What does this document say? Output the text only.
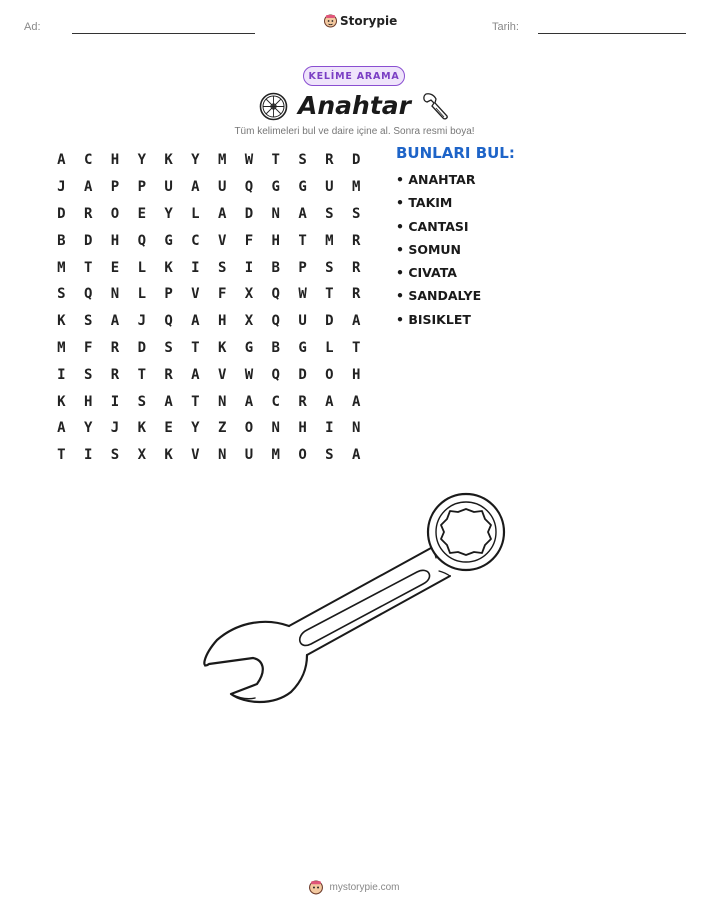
Ad:	Storypie	Tarih:
KELİME ARAMA
Anahtar
Tüm kelimeleri bul ve daire içine al. Sonra resmi boya!
A	C	H	Y	K	Y	M	W	T	S	R	D
J	A	P	P	U	A	U	Q	G	G	U	M
D	R	O	E	Y	L	A	D	N	A	S	S
B	D	H	Q	G	C	V	F	H	T	M	R
M	T	E	L	K	I	S	I	B	P	S	R
S	Q	N	L	P	V	F	X	Q	W	T	R
K	S	A	J	Q	A	H	X	Q	U	D	A
M	F	R	D	S	T	K	G	B	G	L	T
I	S	R	T	R	A	V	W	Q	D	O	H
K	H	I	S	A	T	N	A	C	R	A	A
A	Y	J	K	E	Y	Z	O	N	H	I	N
T	I	S	X	K	V	N	U	M	O	S	A
BUNLARI BUL:
• ANAHTAR
• TAKIM
• CANTASI
• SOMUN
• CIVATA
• SANDALYE
• BISIKLET
mystorypie.com
